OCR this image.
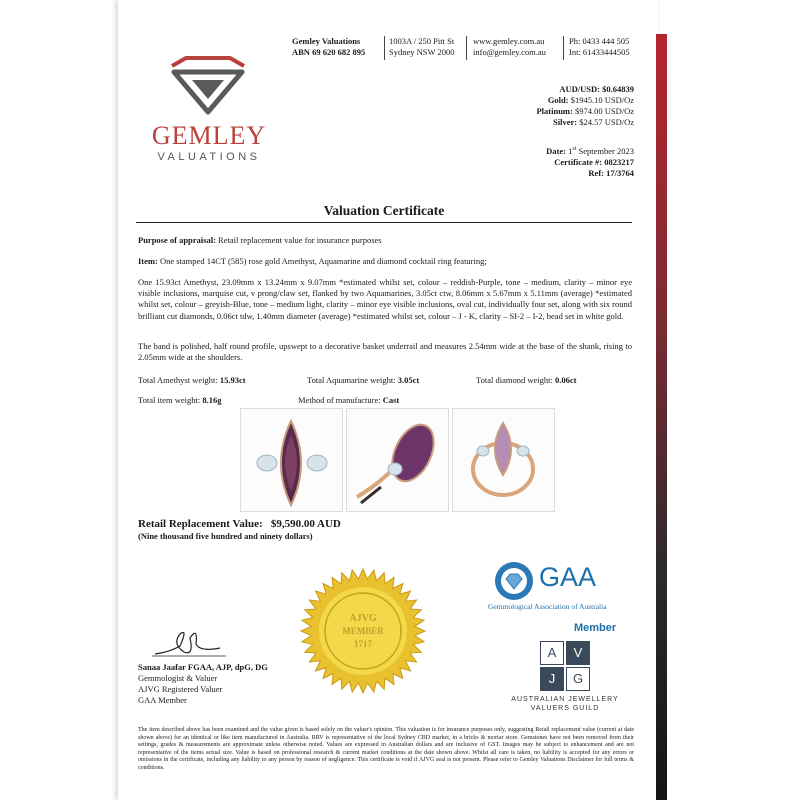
Gemley Valuations
ABN 69 620 682 895
1003A / 250 Pitt St
Sydney NSW 2000
www.gemley.com.au
info@gemley.com.au
Ph: 0433 444 505
Int: 61433444505
GEMLEY
VALUATIONS
AUD/USD: $0.64839
Gold: $1945.10 USD/Oz
Platinum: $974.00 USD/Oz
Silver: $24.57 USD/Oz
Date: 1st September 2023
Certificate #: 0823217
Ref: 17/3764
Valuation Certificate
Purpose of appraisal: Retail replacement value for insurance purposes
Item: One stamped 14CT (585) rose gold Amethyst, Aquamarine and diamond cocktail ring featuring;
One 15.93ct Amethyst, 23.09mm x 13.24mm x 9.07mm *estimated whilst set, colour – reddish-Purple, tone – medium, clarity – minor eye visible inclusions, marquise cut, v prong/claw set, flanked by two Aquamarines, 3.05ct ctw, 8.06mm x 5.67mm x 5.11mm (average) *estimated whilst set, colour – greyish-Blue, tone – medium light, clarity – minor eye visible inclusions, oval cut, individually four set, along with six round brilliant cut diamonds, 0.06ct tdw, 1.40mm diameter (average) *estimated whilst set, colour – J - K, clarity – SI-2 – I-2, bead set in white gold.
The band is polished, half round profile, upswept to a decorative basket underrail and measures 2.54mm wide at the base of the shank, rising to 2.05mm wide at the shoulders.
Total Amethyst weight: 15.93ct	Total Aquamarine weight: 3.05ct	Total diamond weight: 0.06ct
Total item weight: 8.16g	Method of manufacture: Cast
Retail Replacement Value: $9,590.00 AUD
(Nine thousand five hundred and ninety dollars)
AJVG
MEMBER
1717
Sanaa Jaafar FGAA, AJP, dpG, DG
Gemmologist & Valuer
AJVG Registered Valuer
GAA Member
GAA
Gemmological Association of Australia
Member
A	V
J	G
AUSTRALIAN JEWELLERY
VALUERS GUILD
The item described above has been examined and the value given is based solely on the valuer's opinion. This valuation is for insurance purposes only, suggesting Retail replacement value (current at date shown above) for an identical or like item manufactured in Australia. RRV is representative of the local Sydney CBD market, in a bricks & mortar store. Gemstones have not been removed from their settings, grades & measurements are approximate unless otherwise noted. Values are expressed in Australian dollars and are inclusive of GST. Images may be subject to enhancement and are not representative of the items actual size. Value is based on professional research & current market conditions at the date shown above. Whilst all care is taken, no liability is accepted for any errors or omissions in the certificate, including any liability to any person by reason of negligence. This certificate is void if AJVG seal is not present. Please refer to Gemley Valuations Disclaimer for full terms & conditions.
